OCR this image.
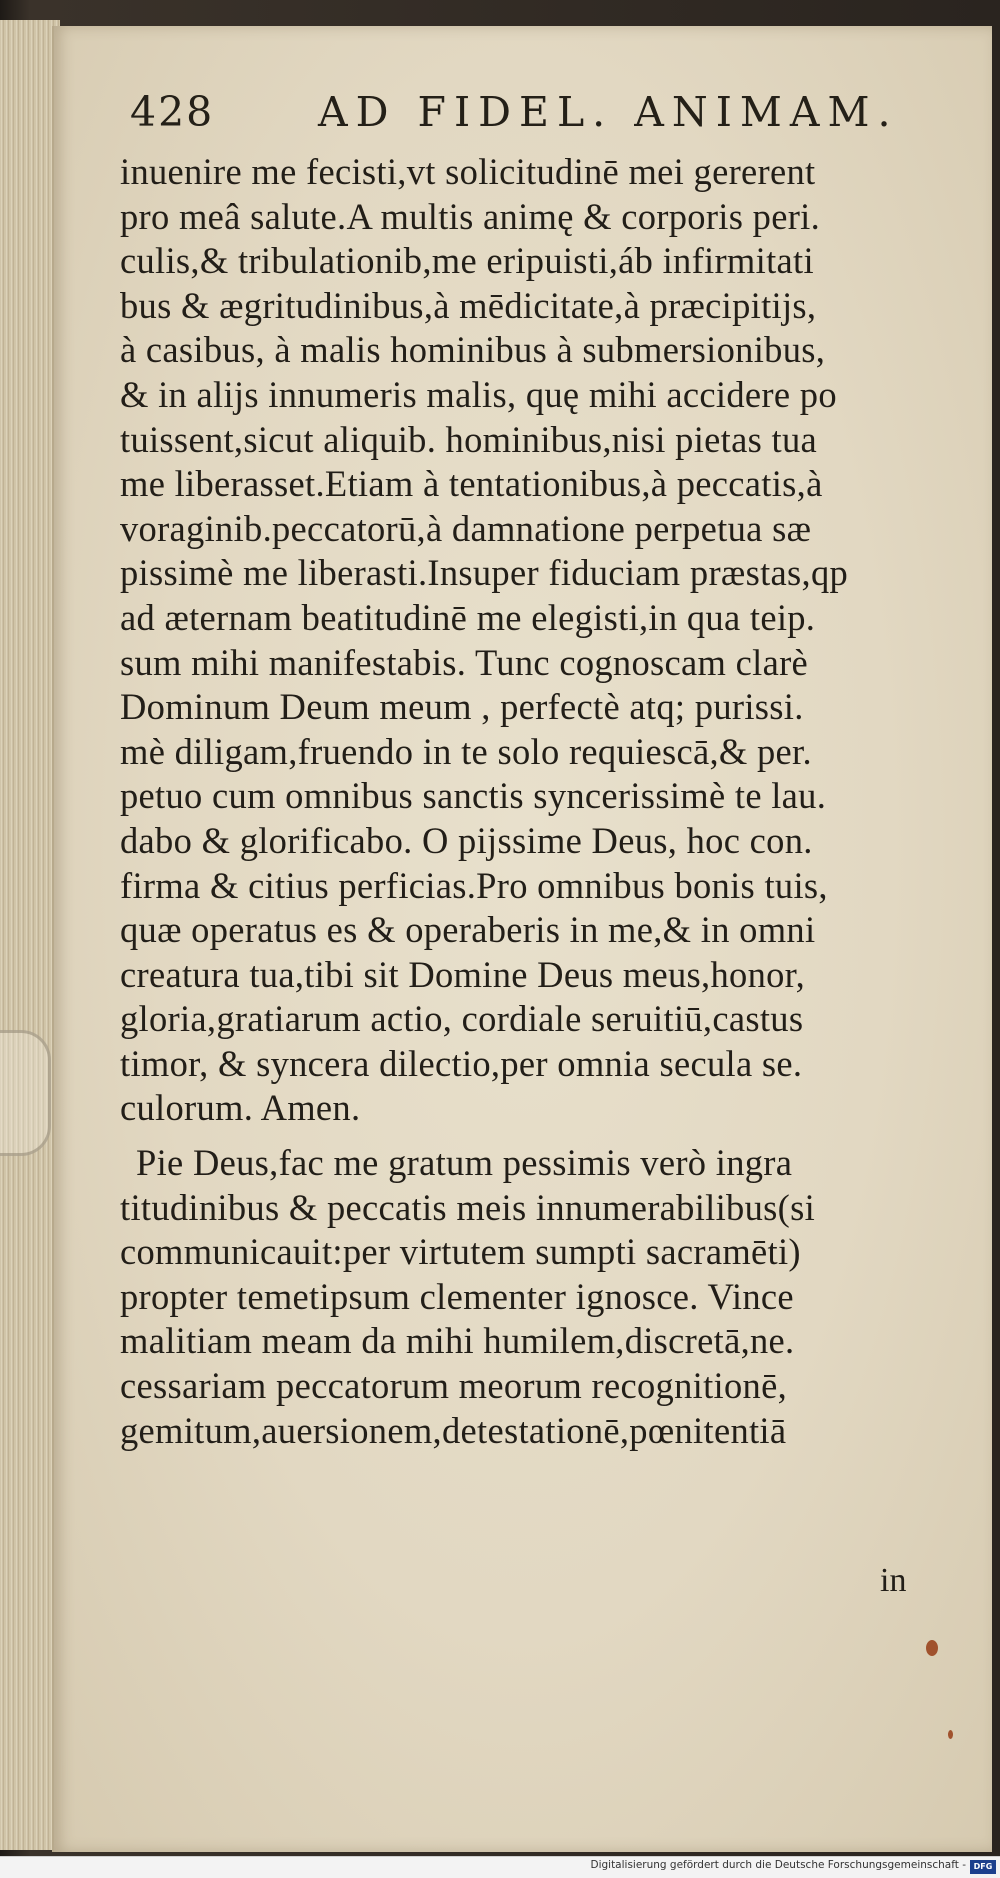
428	AD FIDEL. ANIMAM.
inuenire me fecisti,vt solicitudinē mei gererent
pro meâ salute.A multis animę & corporis peri.
culis,& tribulationib,me eripuisti,áb infirmitati
bus & ægritudinibus,à mēdicitate,à præcipitijs,
à casibus, à malis hominibus à submersionibus,
& in alijs innumeris malis, quę mihi accidere po
tuissent,sicut aliquib. hominibus,nisi pietas tua
me liberasset.Etiam à tentationibus,à peccatis,à
voraginib.peccatorū,à damnatione perpetua sæ
pissimè me liberasti.Insuper fiduciam præstas,qp
ad æternam beatitudinē me elegisti,in qua teip.
sum mihi manifestabis. Tunc cognoscam clarè
Dominum Deum meum , perfectè atq; purissi.
mè diligam,fruendo in te solo requiescā,& per.
petuo cum omnibus sanctis syncerissimè te lau.
dabo & glorificabo. O pijssime Deus, hoc con.
firma & citius perficias.Pro omnibus bonis tuis,
quæ operatus es & operaberis in me,& in omni
creatura tua,tibi sit Domine Deus meus,honor,
gloria,gratiarum actio, cordiale seruitiū,castus
timor, & syncera dilectio,per omnia secula se.
culorum. Amen.
Pie Deus,fac me gratum pessimis verò ingra
titudinibus & peccatis meis innumerabilibus(si
communicauit:per virtutem sumpti sacramēti)
propter temetipsum clementer ignosce. Vince
malitiam meam da mihi humilem,discretā,ne.
cessariam peccatorum meorum recognitionē,
gemitum,auersionem,detestationē,pœnitentiā
in
Digitalisierung gefördert durch die Deutsche Forschungsgemeinschaft - DFG
